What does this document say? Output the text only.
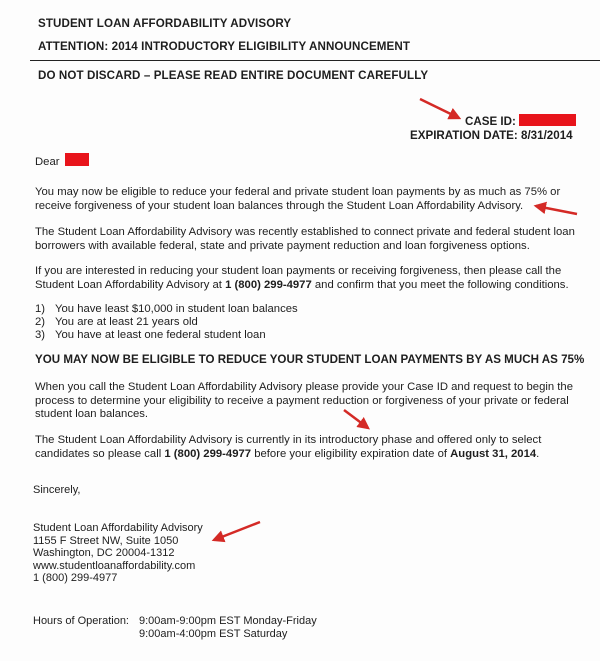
STUDENT LOAN AFFORDABILITY ADVISORY
ATTENTION: 2014 INTRODUCTORY ELIGIBILITY ANNOUNCEMENT
DO NOT DISCARD – PLEASE READ ENTIRE DOCUMENT CAREFULLY
CASE ID:
EXPIRATION DATE: 8/31/2014
Dear
You may now be eligible to reduce your federal and private student loan payments by as much as 75% or receive forgiveness of your student loan balances through the Student Loan Affordability Advisory.
The Student Loan Affordability Advisory was recently established to connect private and federal student loan borrowers with available federal, state and private payment reduction and loan forgiveness options.
If you are interested in reducing your student loan payments or receiving forgiveness, then please call the Student Loan Affordability Advisory at 1 (800) 299-4977 and confirm that you meet the following conditions.
1) You have least $10,000 in student loan balances
2) You are at least 21 years old
3) You have at least one federal student loan
YOU MAY NOW BE ELIGIBLE TO REDUCE YOUR STUDENT LOAN PAYMENTS BY AS MUCH AS 75%
When you call the Student Loan Affordability Advisory please provide your Case ID and request to begin the process to determine your eligibility to receive a payment reduction or forgiveness of your private or federal student loan balances.
The Student Loan Affordability Advisory is currently in its introductory phase and offered only to select candidates so please call 1 (800) 299-4977 before your eligibility expiration date of August 31, 2014.
Sincerely,
Student Loan Affordability Advisory
1155 F Street NW, Suite 1050
Washington, DC 20004-1312
www.studentloanaffordability.com
1 (800) 299-4977
Hours of Operation: 9:00am-9:00pm EST Monday-Friday
9:00am-4:00pm EST Saturday
